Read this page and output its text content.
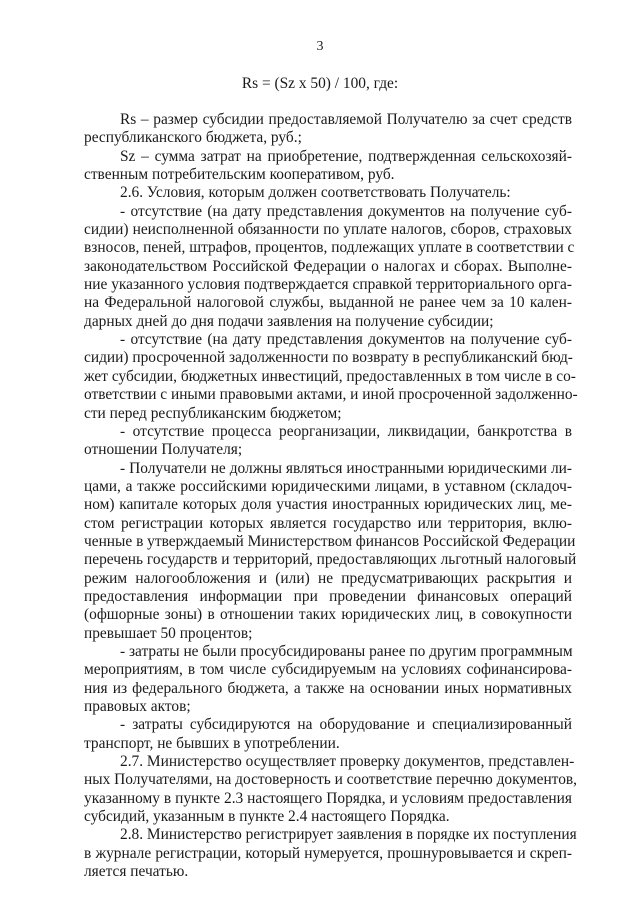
3
Rs = (Sz x 50) / 100, где:
Rs – размер субсидии предоставляемой Получателю за счет средств
республиканского бюджета, руб.;
Sz – сумма затрат на приобретение, подтвержденная сельскохозяй-
ственным потребительским кооперативом, руб.
2.6. Условия, которым должен соответствовать Получатель:
- отсутствие (на дату представления документов на получение суб-
сидии) неисполненной обязанности по уплате налогов, сборов, страховых
взносов, пеней, штрафов, процентов, подлежащих уплате в соответствии с
законодательством Российской Федерации о налогах и сборах. Выполне-
ние указанного условия подтверждается справкой территориального орга-
на Федеральной налоговой службы, выданной не ранее чем за 10 кален-
дарных дней до дня подачи заявления на получение субсидии;
- отсутствие (на дату представления документов на получение суб-
сидии) просроченной задолженности по возврату в республиканский бюд-
жет субсидии, бюджетных инвестиций, предоставленных в том числе в со-
ответствии с иными правовыми актами, и иной просроченной задолженно-
сти перед республиканским бюджетом;
- отсутствие процесса реорганизации, ликвидации, банкротства в
отношении Получателя;
- Получатели не должны являться иностранными юридическими ли-
цами, а также российскими юридическими лицами, в уставном (складоч-
ном) капитале которых доля участия иностранных юридических лиц, ме-
стом регистрации которых является государство или территория, вклю-
ченные в утверждаемый Министерством финансов Российской Федерации
перечень государств и территорий, предоставляющих льготный налоговый
режим налогообложения и (или) не предусматривающих раскрытия и
предоставления информации при проведении финансовых операций
(офшорные зоны) в отношении таких юридических лиц, в совокупности
превышает 50 процентов;
- затраты не были просубсидированы ранее по другим программным
мероприятиям, в том числе субсидируемым на условиях софинансирова-
ния из федерального бюджета, а также на основании иных нормативных
правовых актов;
- затраты субсидируются на оборудование и специализированный
транспорт, не бывших в употреблении.
2.7. Министерство осуществляет проверку документов, представлен-
ных Получателями, на достоверность и соответствие перечню документов,
указанному в пункте 2.3 настоящего Порядка, и условиям предоставления
субсидий, указанным в пункте 2.4 настоящего Порядка.
2.8. Министерство регистрирует заявления в порядке их поступления
в журнале регистрации, который нумеруется, прошнуровывается и скреп-
ляется печатью.
